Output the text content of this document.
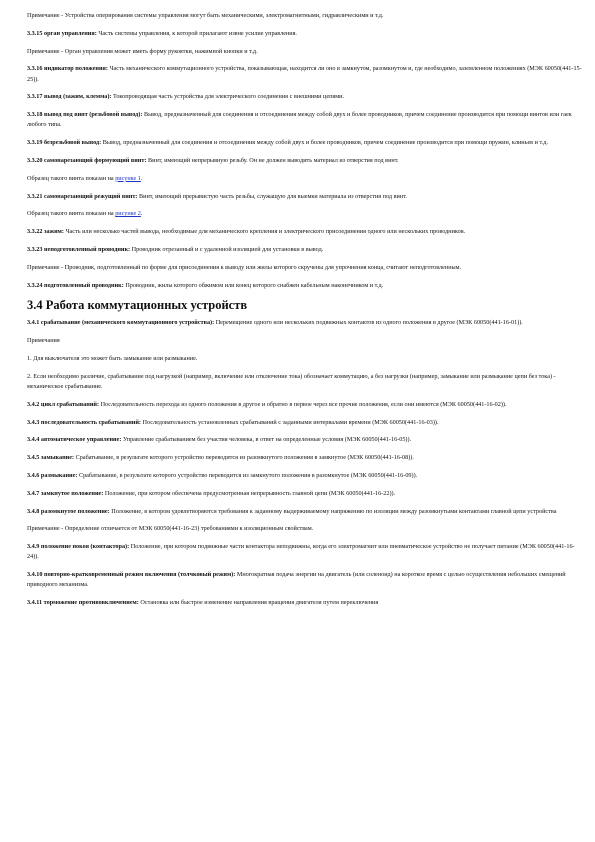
Примечание - Устройства оперирования системы управления могут быть механическими, электромагнитными, гидравлическими и т.д.

3.3.15 орган управления: Часть системы управления, к которой прилагают извне усилие управления.

Примечание - Орган управления может иметь форму рукоятки, нажимной кнопки и т.д.

3.3.16 индикатор положения: Часть механического коммутационного устройства, показывающая, находится ли оно в замкнутом, разомкнутом и, где необходимо, заземленном положениях (МЭК 60050(441-15-25)).

3.3.17 вывод (зажим, клемма): Токопроводящая часть устройства для электрического соединения с внешними цепями.

3.3.18 вывод под винт (резьбовой вывод): Вывод, предназначенный для соединения и отсоединения между собой двух и более проводников, причем соединение производится при помощи винтов или гаек любого типа.

3.3.19 безрезьбовой вывод: Вывод, предназначенный для соединения и отсоединения между собой двух и более проводников, причем соединение производится при помощи пружин, клиньев и т.д.

3.3.20 самонарезающий формующий винт: Винт, имеющий непрерывную резьбу. Он не должен выводить материал из отверстия под винт.

Образец такого винта показан на рисунке 1.

3.3.21 самонарезающий режущий винт: Винт, имеющий прерывистую часть резьбы, служащую для выемки материала из отверстия под винт.

Образец такого винта показан на рисунке 2.

3.3.22 зажим: Часть или несколько частей вывода, необходимые для механического крепления и электрического присоединения одного или нескольких проводников.

3.3.23 неподготовленный проводник: Проводник отрезанный и с удаленной изоляцией для установки в вывод.

Примечание - Проводник, подготовленный по форме для присоединения к выводу или жилы которого скручены для упрочнения конца, считают неподготовленным.

3.3.24 подготовленный проводник: Проводник, жилы которого обжимом или конец которого снабжен кабельным наконечником и т.д.

3.4 Работа коммутационных устройств

3.4.1 срабатывание (механического коммутационного устройства): Перемещение одного или нескольких подвижных контактов из одного положения в другое (МЭК 60050(441-16-01)).

Примечания

1. Для выключателя это может быть замыкание или размыкание.

2. Если необходимо различие, срабатывание под нагрузкой (например, включение или отключение тока) обозначает коммутацию, а без нагрузки (например, замыкание или размыкание цепи без тока) - механическое срабатывание.

3.4.2 цикл срабатываний: Последовательность перехода из одного положения в другое и обратно в первое через все прочие положения, если они имеются (МЭК 60050(441-16-02)).

3.4.3 последовательность срабатываний: Последовательность установленных срабатываний с заданными интервалами времени (МЭК 60050(441-16-03)).

3.4.4 автоматическое управление: Управление срабатыванием без участия человека, в ответ на определенные условия (МЭК 60050(441-16-05)).

3.4.5 замыкание: Срабатывание, в результате которого устройство переводится из разомкнутого положения в замкнутое (МЭК 60050(441-16-08)).

3.4.6 размыкание: Срабатывание, в результате которого устройство переводится из замкнутого положения в разомкнутое (МЭК 60050(441-16-09)).

3.4.7 замкнутое положение: Положение, при котором обеспечена предусмотренная непрерывность главной цепи (МЭК 60050(441-16-22)).

3.4.8 разомкнутое положение: Положение, в котором удовлетворяются требования к заданному выдерживаемому напряжению по изоляции между разомкнутыми контактами главной цепи устройства

Примечание - Определение отличается от МЭК 60050(441-16-23) требованиями к изоляционным свойствам.

3.4.9 положение покоя (контактора): Положение, при котором подвижные части контактора неподвижны, когда его электромагнит или пневматическое устройство не получает питание (МЭК 60050(441-16-24)).

3.4.10 повторно-кратковременный режим включения (толчковый режим): Многократная подача энергии на двигатель (или соленоид) на короткое время с целью осуществления небольших смещений приводного механизма.

3.4.11 торможение противовключением: Остановка или быстрое изменение направления вращения двигателя путем переключения
